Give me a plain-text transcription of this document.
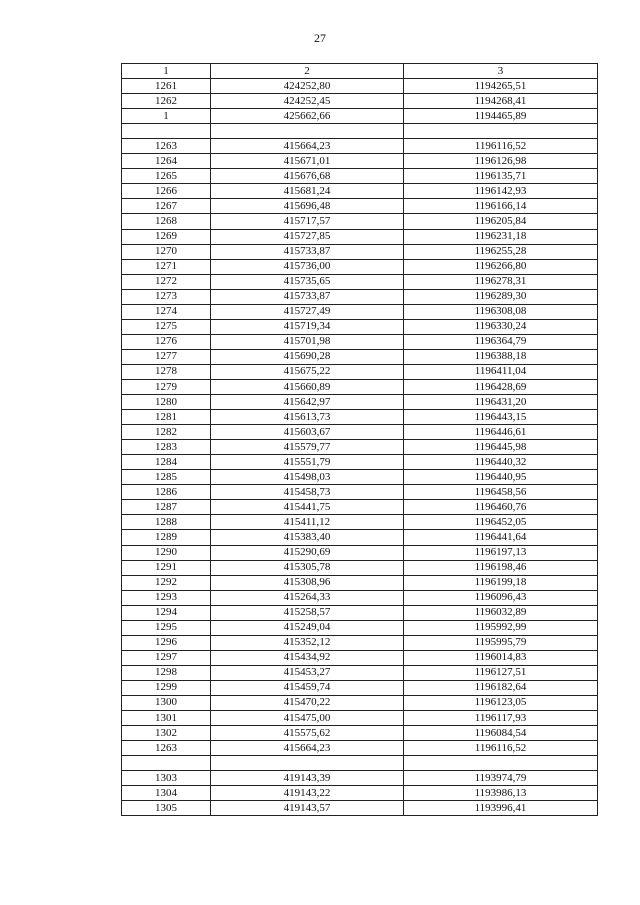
27
1	2	3
1261	424252,80	1194265,51
1262	424252,45	1194268,41
1	425662,66	1194465,89

1263	415664,23	1196116,52
1264	415671,01	1196126,98
1265	415676,68	1196135,71
1266	415681,24	1196142,93
1267	415696,48	1196166,14
1268	415717,57	1196205,84
1269	415727,85	1196231,18
1270	415733,87	1196255,28
1271	415736,00	1196266,80
1272	415735,65	1196278,31
1273	415733,87	1196289,30
1274	415727,49	1196308,08
1275	415719,34	1196330,24
1276	415701,98	1196364,79
1277	415690,28	1196388,18
1278	415675,22	1196411,04
1279	415660,89	1196428,69
1280	415642,97	1196431,20
1281	415613,73	1196443,15
1282	415603,67	1196446,61
1283	415579,77	1196445,98
1284	415551,79	1196440,32
1285	415498,03	1196440,95
1286	415458,73	1196458,56
1287	415441,75	1196460,76
1288	415411,12	1196452,05
1289	415383,40	1196441,64
1290	415290,69	1196197,13
1291	415305,78	1196198,46
1292	415308,96	1196199,18
1293	415264,33	1196096,43
1294	415258,57	1196032,89
1295	415249,04	1195992,99
1296	415352,12	1195995,79
1297	415434,92	1196014,83
1298	415453,27	1196127,51
1299	415459,74	1196182,64
1300	415470,22	1196123,05
1301	415475,00	1196117,93
1302	415575,62	1196084,54
1263	415664,23	1196116,52

1303	419143,39	1193974,79
1304	419143,22	1193986,13
1305	419143,57	1193996,41
